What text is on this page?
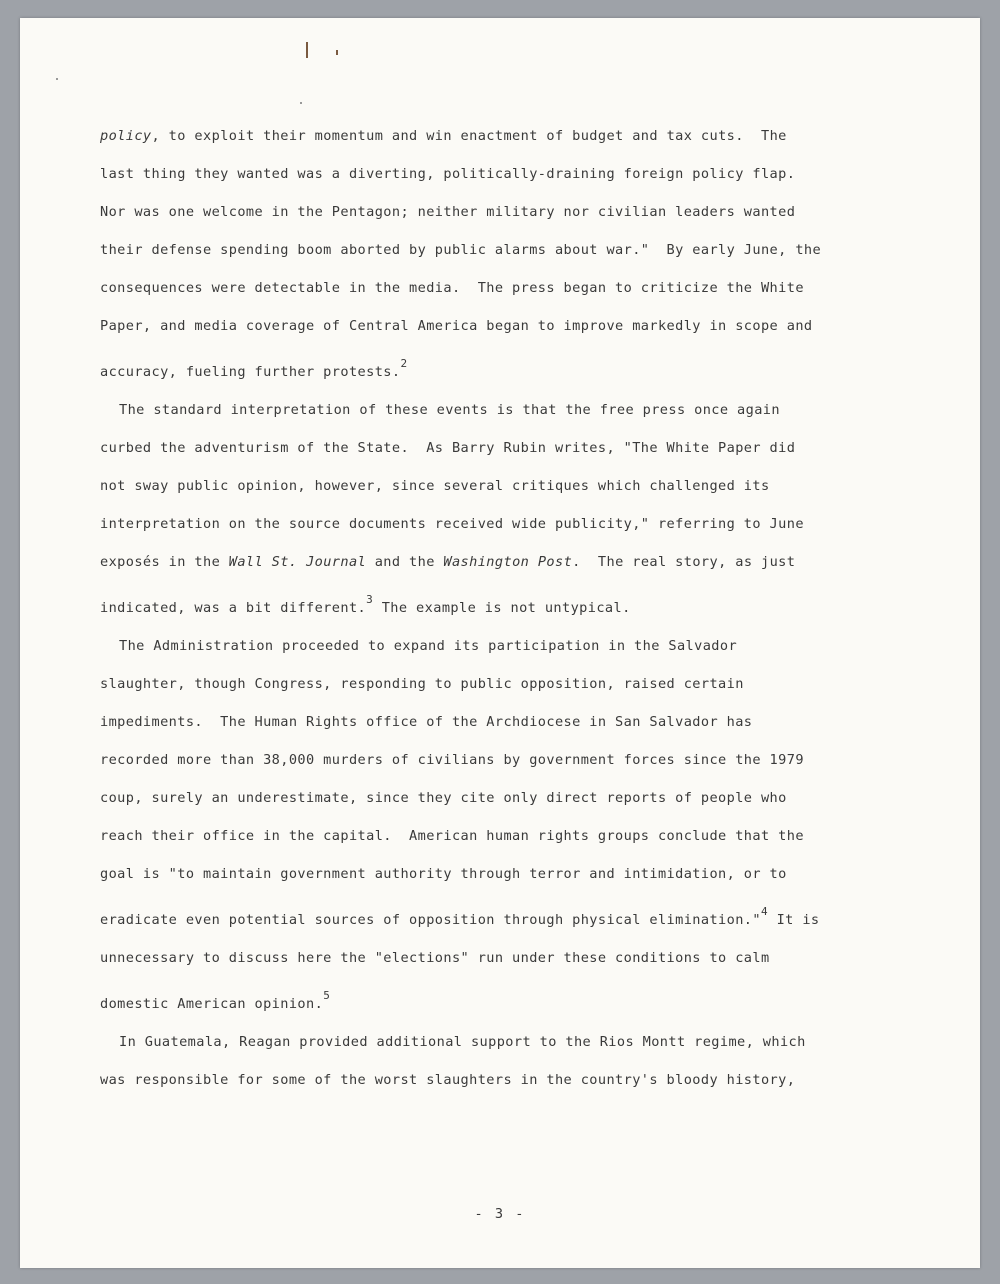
policy, to exploit their momentum and win enactment of budget and tax cuts.  The
last thing they wanted was a diverting, politically-draining foreign policy flap.
Nor was one welcome in the Pentagon; neither military nor civilian leaders wanted
their defense spending boom aborted by public alarms about war."  By early June, the
consequences were detectable in the media.  The press began to criticize the White
Paper, and media coverage of Central America began to improve markedly in scope and
accuracy, fueling further protests.$^2$
The standard interpretation of these events is that the free press once again
curbed the adventurism of the State.  As Barry Rubin writes, "The White Paper did
not sway public opinion, however, since several critiques which challenged its
interpretation on the source documents received wide publicity," referring to June
exposés in the Wall St. Journal and the Washington Post.  The real story, as just
indicated, was a bit different.$^3$ The example is not untypical.
The Administration proceeded to expand its participation in the Salvador
slaughter, though Congress, responding to public opposition, raised certain
impediments.  The Human Rights office of the Archdiocese in San Salvador has
recorded more than 38,000 murders of civilians by government forces since the 1979
coup, surely an underestimate, since they cite only direct reports of people who
reach their office in the capital.  American human rights groups conclude that the
goal is "to maintain government authority through terror and intimidation, or to
eradicate even potential sources of opposition through physical elimination."$^4$ It is
unnecessary to discuss here the "elections" run under these conditions to calm
domestic American opinion.$^5$
In Guatemala, Reagan provided additional support to the Rios Montt regime, which
was responsible for some of the worst slaughters in the country's bloody history,
- 3 -
